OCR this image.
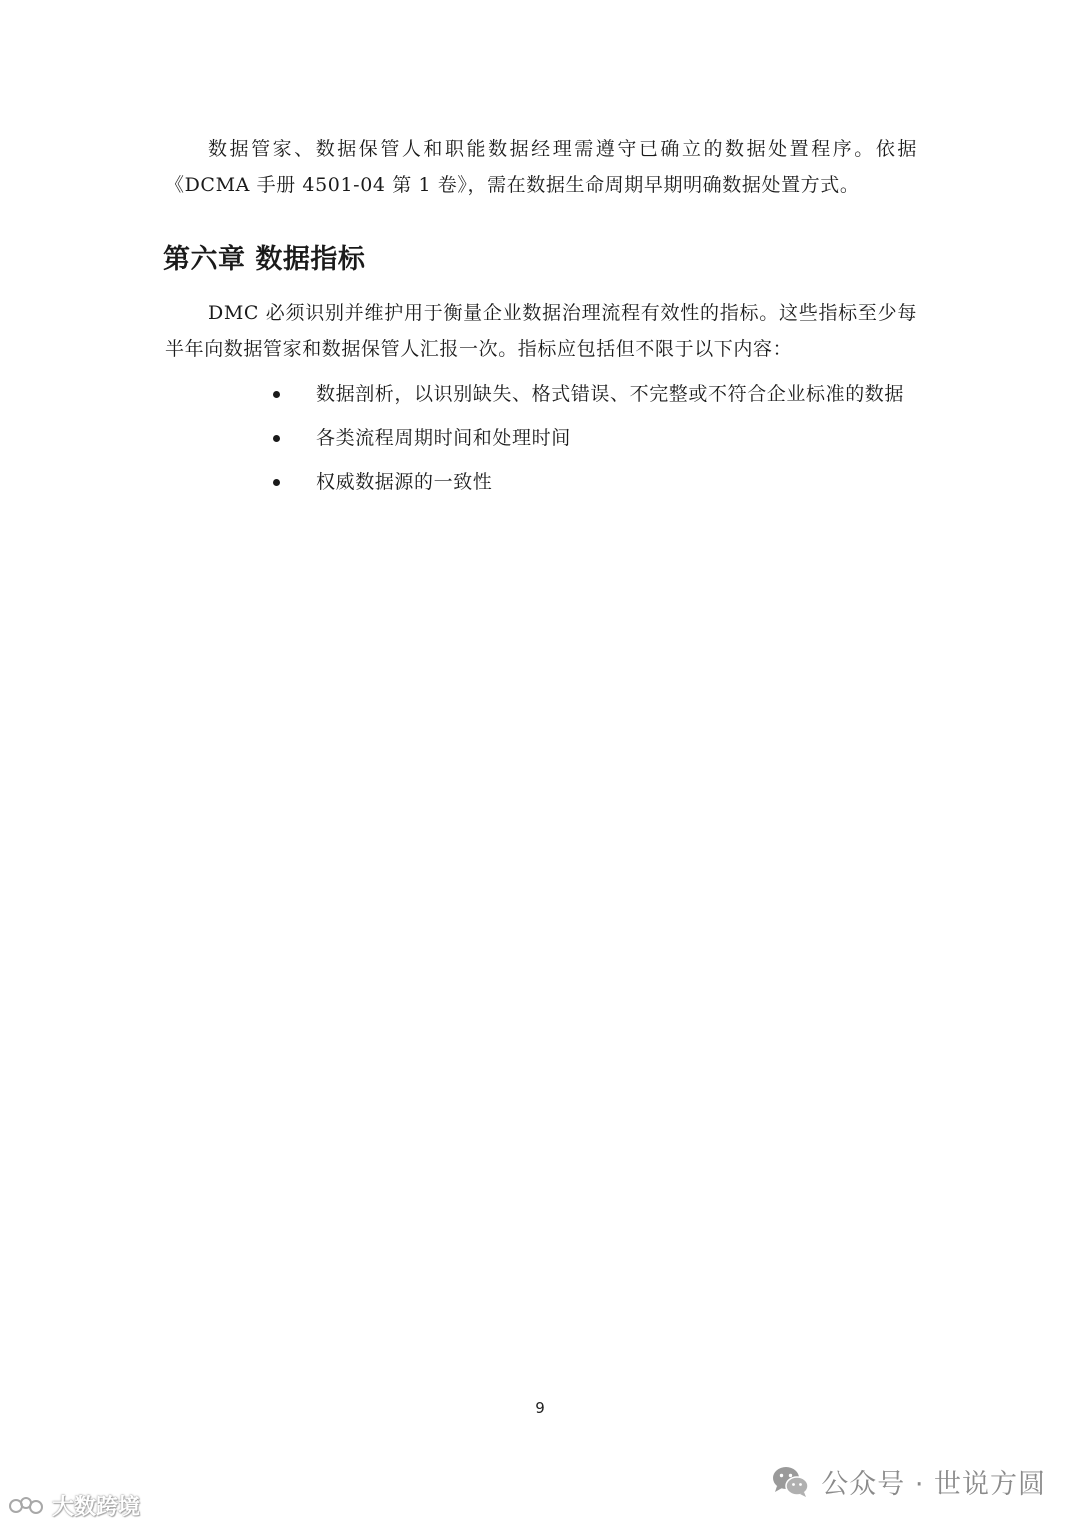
数据管家、数据保管人和职能数据经理需遵守已确立的数据处置程序。依据《DCMA 手册 4501-04 第 1 卷》，需在数据生命周期早期明确数据处置方式。

第六章 数据指标

DMC 必须识别并维护用于衡量企业数据治理流程有效性的指标。这些指标至少每半年向数据管家和数据保管人汇报一次。指标应包括但不限于以下内容：

数据剖析，以识别缺失、格式错误、不完整或不符合企业标准的数据
各类流程周期时间和处理时间
权威数据源的一致性
9
公众号 · 世说方圆
大数跨境
